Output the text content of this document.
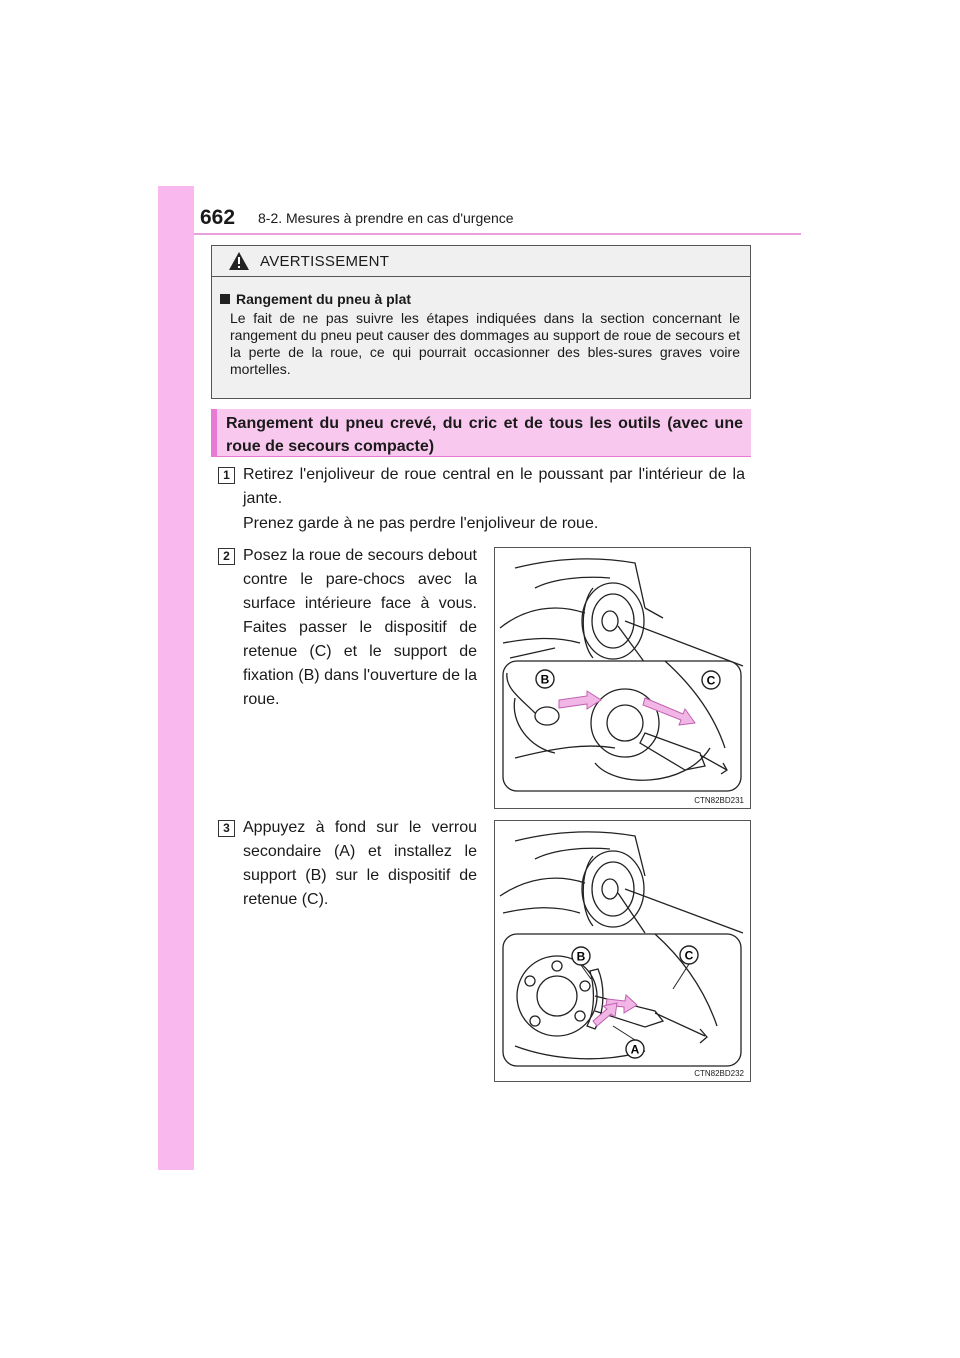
662 8-2. Mesures à prendre en cas d'urgence
AVERTISSEMENT
Rangement du pneu à plat
Le fait de ne pas suivre les étapes indiquées dans la section concernant le rangement du pneu peut causer des dommages au support de roue de secours et la perte de la roue, ce qui pourrait occasionner des bles-sures graves voire mortelles.
Rangement du pneu crevé, du cric et de tous les outils (avec une roue de secours compacte)
1 Retirez l'enjoliveur de roue central en le poussant par l'intérieur de la jante.
Prenez garde à ne pas perdre l'enjoliveur de roue.
2 Posez la roue de secours debout contre le pare-chocs avec la surface intérieure face à vous. Faites passer le dispositif de retenue (C) et le support de fixation (B) dans l'ouverture de la roue.
3 Appuyez à fond sur le verrou secondaire (A) et installez le support (B) sur le dispositif de retenue (C).
B	C
CTN82BD231
B	C
A
CTN82BD232
